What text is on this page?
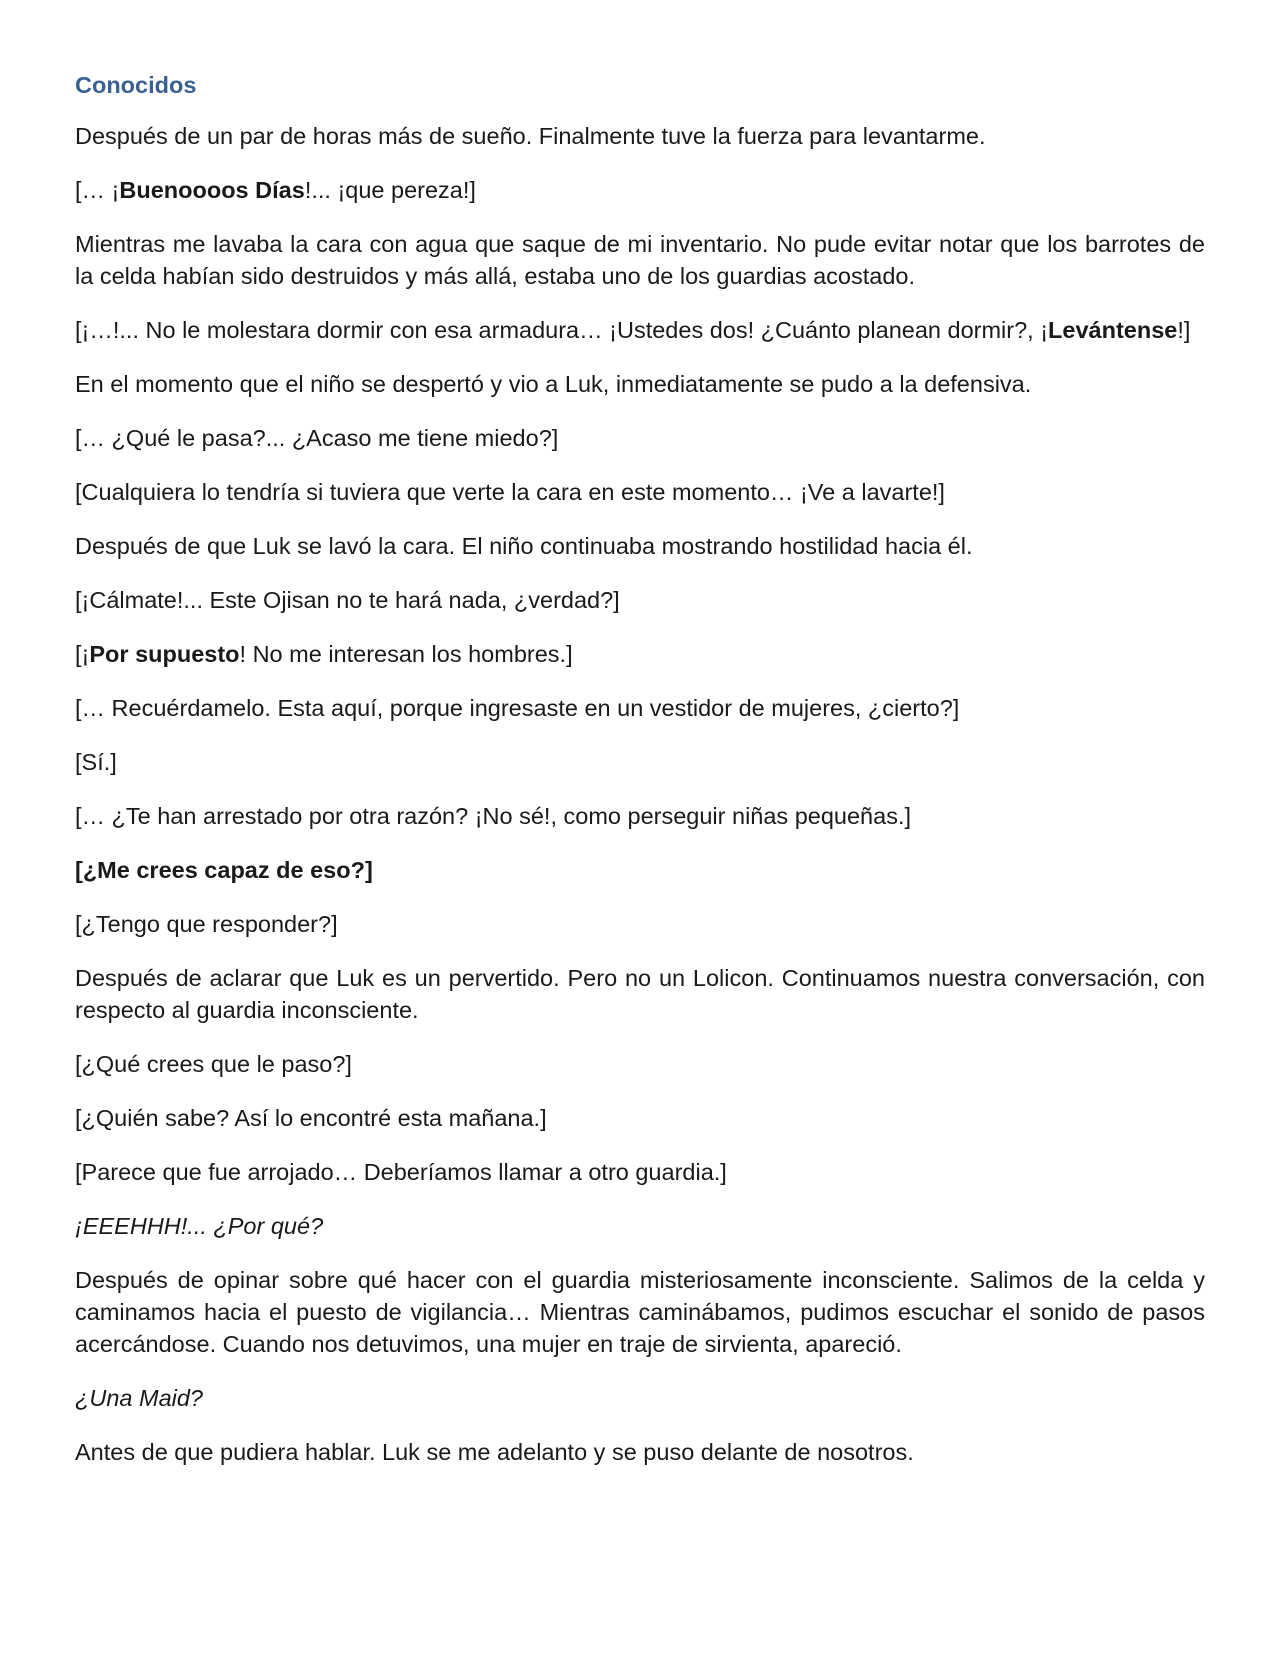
Conocidos
Después de un par de horas más de sueño. Finalmente tuve la fuerza para levantarme.
[… ¡Buenoooos Días!... ¡que pereza!]
Mientras me lavaba la cara con agua que saque de mi inventario. No pude evitar notar que los barrotes de la celda habían sido destruidos y más allá, estaba uno de los guardias acostado.
[¡…!... No le molestara dormir con esa armadura… ¡Ustedes dos! ¿Cuánto planean dormir?, ¡Levántense!]
En el momento que el niño se despertó y vio a Luk, inmediatamente se pudo a la defensiva.
[… ¿Qué le pasa?... ¿Acaso me tiene miedo?]
[Cualquiera lo tendría si tuviera que verte la cara en este momento… ¡Ve a lavarte!]
Después de que Luk se lavó la cara. El niño continuaba mostrando hostilidad hacia él.
[¡Cálmate!... Este Ojisan no te hará nada, ¿verdad?]
[¡Por supuesto! No me interesan los hombres.]
[… Recuérdamelo. Esta aquí, porque ingresaste en un vestidor de mujeres, ¿cierto?]
[Sí.]
[… ¿Te han arrestado por otra razón? ¡No sé!, como perseguir niñas pequeñas.]
[¿Me crees capaz de eso?]
[¿Tengo que responder?]
Después de aclarar que Luk es un pervertido. Pero no un Lolicon. Continuamos nuestra conversación, con respecto al guardia inconsciente.
[¿Qué crees que le paso?]
[¿Quién sabe? Así lo encontré esta mañana.]
[Parece que fue arrojado… Deberíamos llamar a otro guardia.]
¡EEEHHH!... ¿Por qué?
Después de opinar sobre qué hacer con el guardia misteriosamente inconsciente. Salimos de la celda y caminamos hacia el puesto de vigilancia… Mientras caminábamos, pudimos escuchar el sonido de pasos acercándose. Cuando nos detuvimos, una mujer en traje de sirvienta, apareció.
¿Una Maid?
Antes de que pudiera hablar. Luk se me adelanto y se puso delante de nosotros.
